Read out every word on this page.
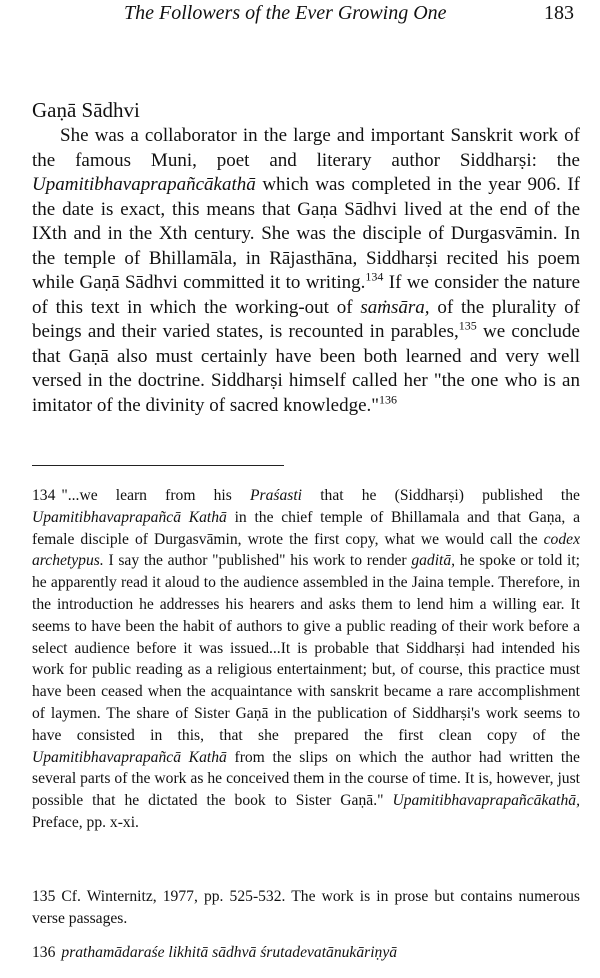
The Followers of the Ever Growing One	183
Gaṇā Sādhvi

She was a collaborator in the large and important Sanskrit work of the famous Muni, poet and literary author Siddharṣi: the Upamitibhavaprapañcākathā which was completed in the year 906. If the date is exact, this means that Gaṇa Sādhvi lived at the end of the IXth and in the Xth century. She was the disciple of Durgasvāmin. In the temple of Bhillamāla, in Rājasthāna, Siddharṣi recited his poem while Gaṇā Sādhvi committed it to writing.$^{134}$ If we consider the nature of this text in which the working-out of saṁsāra, of the plurality of beings and their varied states, is recounted in parables,$^{135}$ we conclude that Gaṇā also must certainly have been both learned and very well versed in the doctrine. Siddharṣi himself called her "the one who is an imitator of the divinity of sacred knowledge."$^{136}$

134 "...we learn from his Praśasti that he (Siddharṣi) published the Upamitibhavaprapañcā Kathā in the chief temple of Bhillamala and that Gaṇa, a female disciple of Durgasvāmin, wrote the first copy, what we would call the codex archetypus. I say the author "published" his work to render gaditā, he spoke or told it; he apparently read it aloud to the audience assembled in the Jaina temple. Therefore, in the introduction he addresses his hearers and asks them to lend him a willing ear. It seems to have been the habit of authors to give a public reading of their work before a select audience before it was issued...It is probable that Siddharṣi had intended his work for public reading as a religious entertainment; but, of course, this practice must have been ceased when the acquaintance with sanskrit became a rare accomplishment of laymen. The share of Sister Gaṇā in the publication of Siddharṣi's work seems to have consisted in this, that she prepared the first clean copy of the Upamitibhavaprapañcā Kathā from the slips on which the author had written the several parts of the work as he conceived them in the course of time. It is, however, just possible that he dictated the book to Sister Gaṇā." Upamitibhavaprapañcākathā, Preface, pp. x-xi.

135 Cf. Winternitz, 1977, pp. 525-532. The work is in prose but contains numerous verse passages.

136 prathamādaraśe likhitā sādhvā śrutadevatānukāriṇyā
